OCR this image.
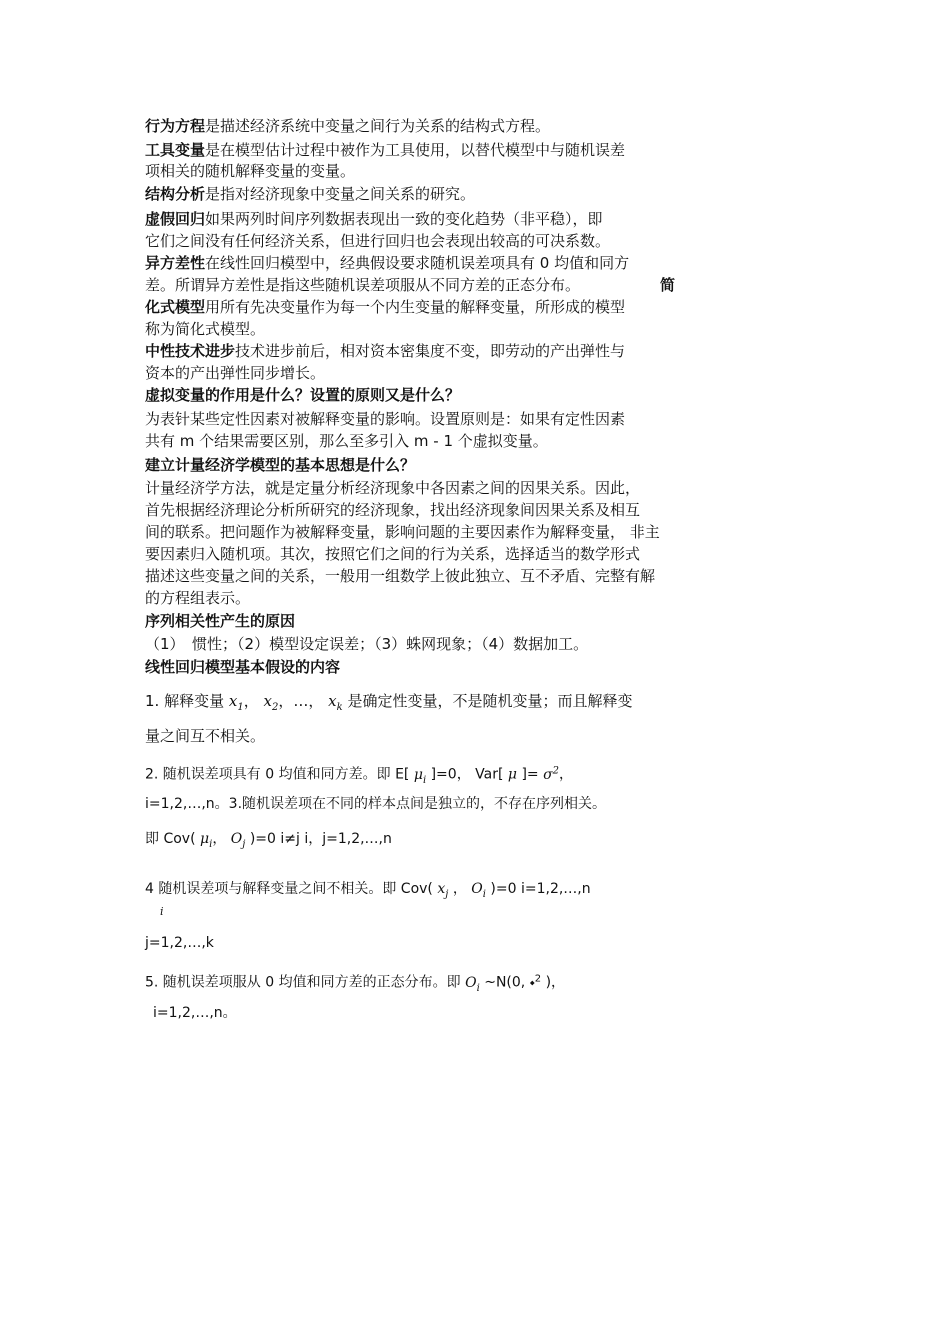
行为方程是描述经济系统中变量之间行为关系的结构式方程。
工具变量是在模型估计过程中被作为工具使用，以替代模型中与随机误差
项相关的随机解释变量的变量。
结构分析是指对经济现象中变量之间关系的研究。
虚假回归如果两列时间序列数据表现出一致的变化趋势（非平稳），即
它们之间没有任何经济关系，但进行回归也会表现出较高的可决系数。
异方差性在线性回归模型中，经典假设要求随机误差项具有 0 均值和同方
差。所谓异方差性是指这些随机误差项服从不同方差的正态分布。	简
化式模型用所有先决变量作为每一个内生变量的解释变量，所形成的模型
称为简化式模型。
中性技术进步技术进步前后，相对资本密集度不变，即劳动的产出弹性与
资本的产出弹性同步增长。
虚拟变量的作用是什么？设置的原则又是什么？
为表针某些定性因素对被解释变量的影响。设置原则是：如果有定性因素
共有 m 个结果需要区别，那么至多引入 m - 1 个虚拟变量。
建立计量经济学模型的基本思想是什么？
计量经济学方法，就是定量分析经济现象中各因素之间的因果关系。因此，
首先根据经济理论分析所研究的经济现象，找出经济现象间因果关系及相互
间的联系。把问题作为被解释变量，影响问题的主要因素作为解释变量， 非主
要因素归入随机项。其次，按照它们之间的行为关系，选择适当的数学形式
描述这些变量之间的关系，一般用一组数学上彼此独立、互不矛盾、完整有解
的方程组表示。
序列相关性产生的原因
（1）　惯性；（2）模型设定误差；（3）蛛网现象；（4）数据加工。
线性回归模型基本假设的内容
1. 解释变量 $x_1$， $x_2$，…， $x_k$ 是确定性变量，不是随机变量；而且解释变
量之间互不相关。
2. 随机误差项具有 0 均值和同方差。即 E[ $\mu_i$ ]=0， Var[ μ ]= $\sigma^2$，
i=1,2,…,n。3.随机误差项在不同的样本点间是独立的，不存在序列相关。
即 Cov( $\mu_i$， $O_j$ )=0 i≠j i，j=1,2,…,n
4 随机误差项与解释变量之间不相关。即 Cov( $x_j$ ， $O_i$ )=0 i=1,2,…,n
i
j=1,2,…,k
5. 随机误差项服从 0 均值和同方差的正态分布。即 $O_i$ ~N(0, ⬩$^2$ )，
i=1,2,…,n。
